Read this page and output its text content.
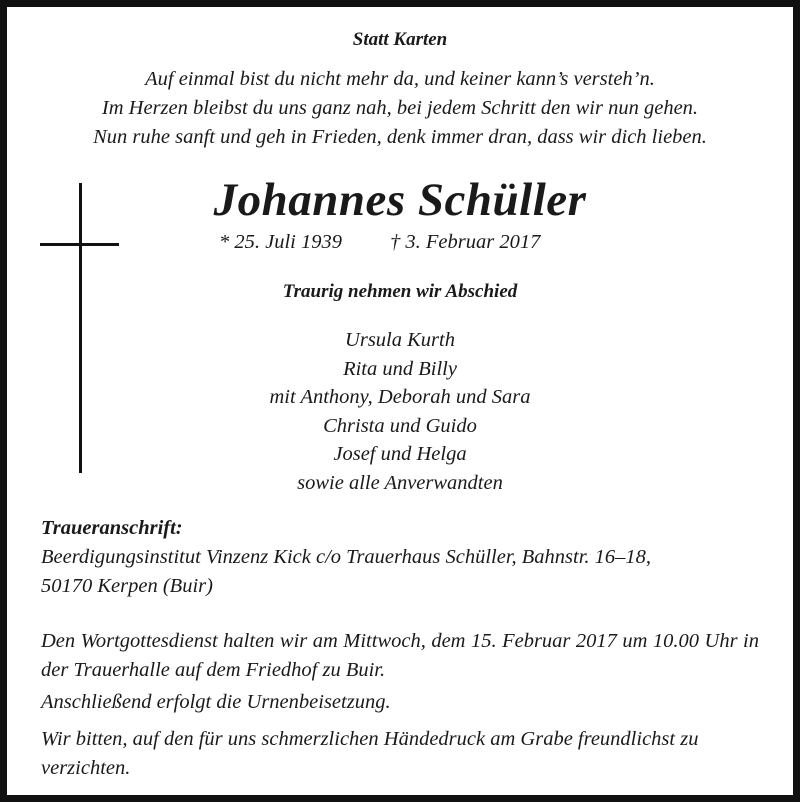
Statt Karten

Auf einmal bist du nicht mehr da, und keiner kann’s versteh’n.
Im Herzen bleibst du uns ganz nah, bei jedem Schritt den wir nun gehen.
Nun ruhe sanft und geh in Frieden, denk immer dran, dass wir dich lieben.

Johannes Schüller

* 25. Juli 1939 † 3. Februar 2017

Traurig nehmen wir Abschied

Ursula Kurth
Rita und Billy
mit Anthony, Deborah und Sara
Christa und Guido
Josef und Helga
sowie alle Anverwandten

Traueranschrift:

Beerdigungsinstitut Vinzenz Kick c/o Trauerhaus Schüller, Bahnstr. 16–18,
50170 Kerpen (Buir)

Den Wortgottesdienst halten wir am Mittwoch, dem 15. Februar 2017 um 10.00 Uhr in der Trauerhalle auf dem Friedhof zu Buir.

Anschließend erfolgt die Urnenbeisetzung.

Wir bitten, auf den für uns schmerzlichen Händedruck am Grabe freundlichst zu verzichten.
